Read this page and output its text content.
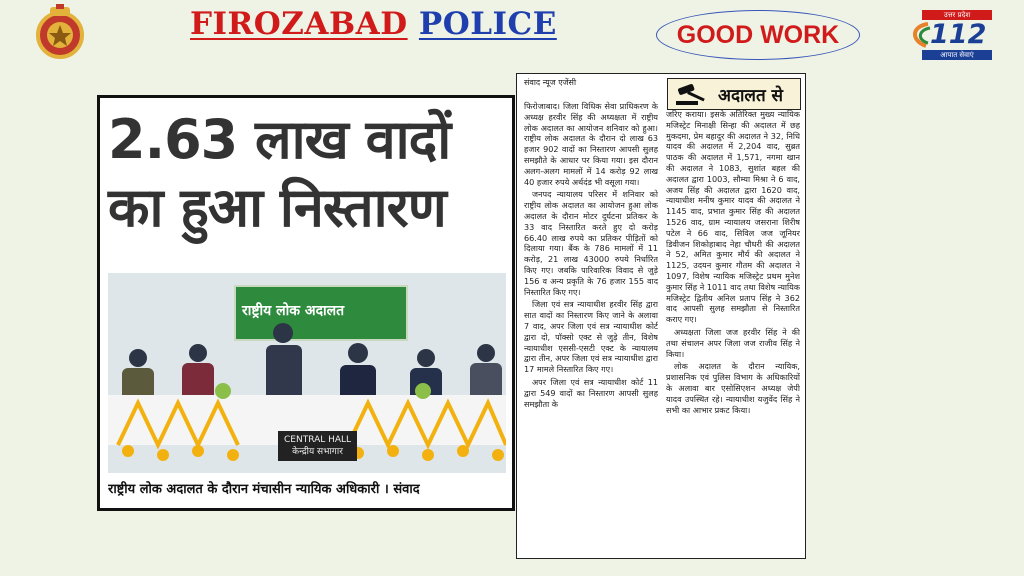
FIROZABAD POLICE	GOOD WORK
उत्तर प्रदेश
112
आपात सेवाएं
2.63 लाख वादों
का हुआ निस्तारण
राष्ट्रीय लोक अदालत
CENTRAL HALL
केन्द्रीय सभागार
राष्ट्रीय लोक अदालत के दौरान मंचासीन न्यायिक अधिकारी । संवाद
संवाद न्यूज एजेंसी
अदालत से

फिरोजाबाद। जिला विधिक सेवा प्राधिकरण के अध्यक्ष हरवीर सिंह की अध्यक्षता में राष्ट्रीय लोक अदालत का आयोजन शनिवार को हुआ। राष्ट्रीय लोक अदालत के दौरान दो लाख 63 हजार 902 वादों का निस्तारण आपसी सुलह समझौते के आधार पर किया गया। इस दौरान अलग-अलग मामलों में 14 करोड़ 92 लाख 40 हजार रुपये अर्थदंड भी वसूला गया।

जनपद न्यायालय परिसर में शनिवार को राष्ट्रीय लोक अदालत का आयोजन हुआ लोक अदालत के दौरान मोटर दुर्घटना प्रतिकर के 33 वाद निस्तारित करते हुए दो करोड़ 66.40 लाख रुपये का प्रतिकर पीड़ितों को दिलाया गया। बैंक के 786 मामलों में 11 करोड़, 21 लाख 43000 रुपये निर्धारित किए गए। जबकि पारिवारिक विवाद से जुड़े 156 व अन्य प्रकृति के 76 हजार 155 वाद निस्तारित किए गए।

जिला एवं सत्र न्यायाधीश हरवीर सिंह द्वारा सात वादों का निस्तारण किए जाने के अलावा 7 वाद, अपर जिला एवं सत्र न्यायाधीश कोर्ट द्वारा दो, पॉक्सो एक्ट से जुड़े तीन, विशेष न्यायाधीश एससी-एसटी एक्ट के न्यायालय द्वारा तीन, अपर जिला एवं सत्र न्यायाधीश द्वारा 17 मामले निस्तारित किए गए।

अपर जिला एवं सत्र न्यायाधीश कोर्ट 11 द्वारा 549 वादों का निस्तारण आपसी सुलह समझौता के

जरिए कराया। इसके अतिरिक्त मुख्य न्यायिक मजिस्ट्रेट मिनाक्षी सिन्हा की अदालत में छह मुकदमा, प्रेम बहादुर की अदालत ने 32, निधि यादव की अदालत में 2,204 वाद, सुब्रत पाठक की अदालत में 1,571, नगमा खान की अदालत ने 1083, सुशांत बहल की अदालत द्वारा 1003, सौम्या मिश्रा ने 6 वाद, अजय सिंह की अदालत द्वारा 1620 वाद, न्यायाधीश मनीष कुमार यादव की अदालत ने 1145 वाद, प्रभात कुमार सिंह की अदालत 1526 वाद, ग्राम न्यायालय जसराना शिरीष पटेल ने 66 वाद, सिविल जज जूनियर डिवीजन शिकोहाबाद नेहा चौधरी की अदालत ने 52, अमित कुमार मौर्य की अदालत ने 1125, उदयन कुमार गौतम की अदालत ने 1097, विशेष न्यायिक मजिस्ट्रेट प्रथम मुनेश कुमार सिंह ने 1011 वाद तथा विशेष न्यायिक मजिस्ट्रेट द्वितीय अनिल प्रताप सिंह ने 362 वाद आपसी सुलह समझौता से निस्तारित कराए गए।

अध्यक्षता जिला जज हरवीर सिंह ने की तथा संचालन अपर जिला जज राजीव सिंह ने किया।

लोक अदालत के दौरान न्यायिक, प्रशासनिक एवं पुलिस विभाग के अधिकारियों के अलावा बार एसोसिएशन अध्यक्ष जेपी यादव उपस्थित रहे। न्यायाधीश यजुवेंद सिंह ने सभी का आभार प्रकट किया।
